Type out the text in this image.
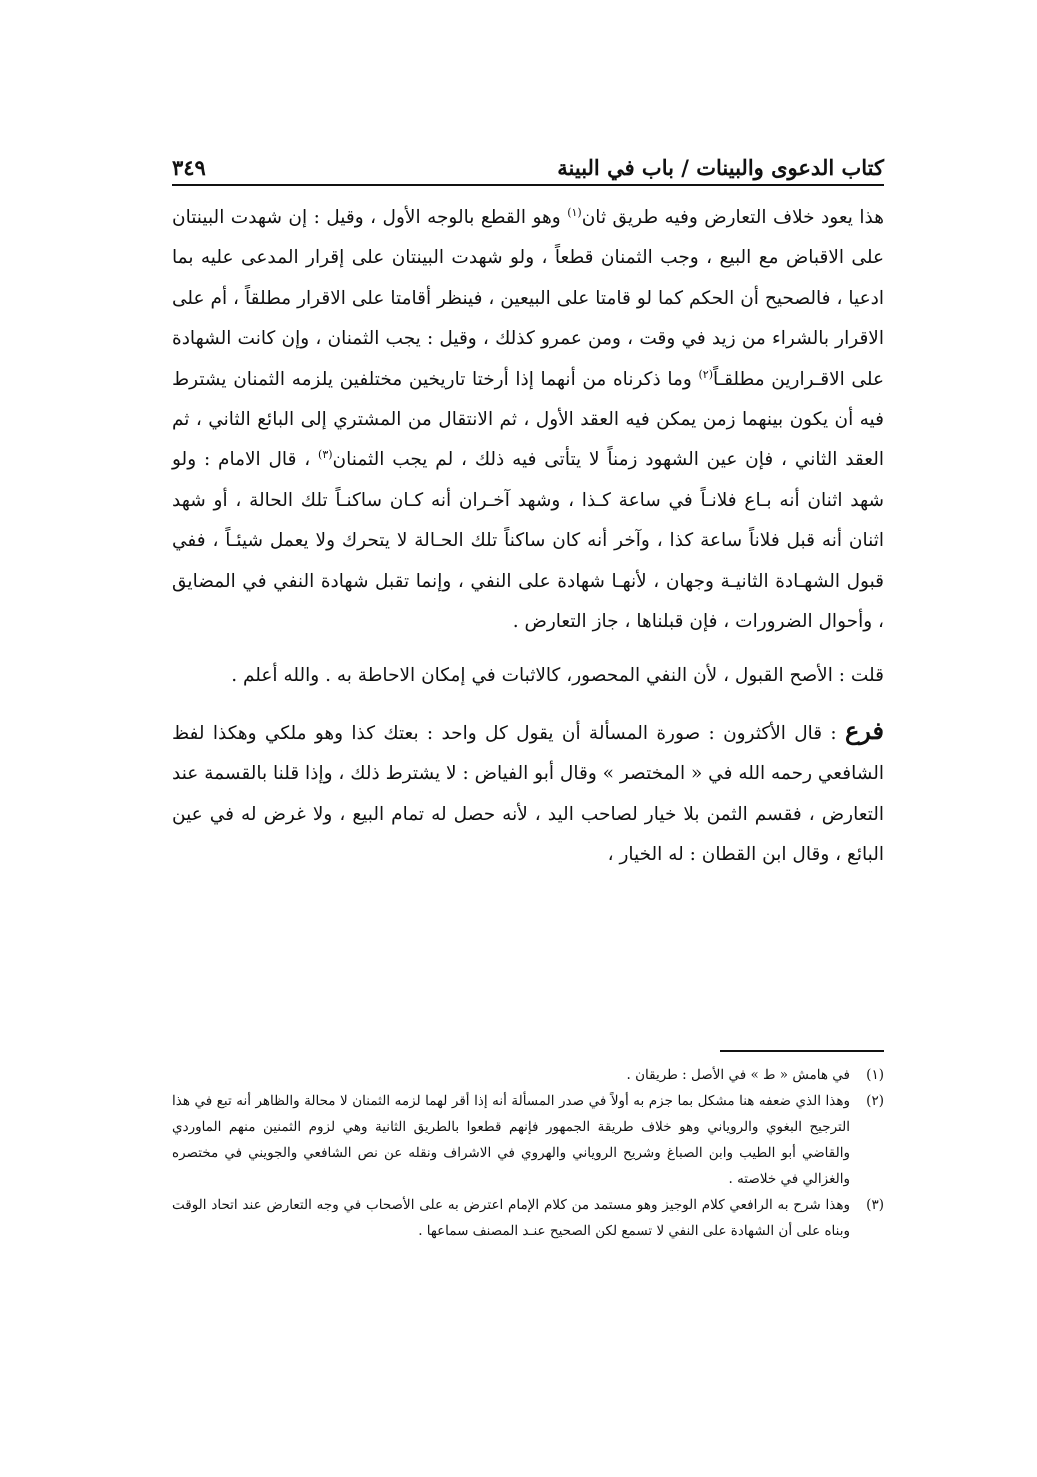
كتاب الدعوى والبينات / باب في البينة
٣٤٩

هذا يعود خلاف التعارض وفيه طريق ثان$^{(١)}$ وهو القطع بالوجه الأول ، وقيل : إن شهدت البينتان على الاقباض مع البيع ، وجب الثمنان قطعاً ، ولو شهدت البينتان على إقرار المدعى عليه بما ادعيا ، فالصحيح أن الحكم كما لو قامتا على البيعين ، فينظر أقامتا على الاقرار مطلقاً ، أم على الاقرار بالشراء من زيد في وقت ، ومن عمرو كذلك ، وقيل : يجب الثمنان ، وإن كانت الشهادة على الاقـرارين مطلقـاً$^{(٢)}$ وما ذكرناه من أنهما إذا أرختا تاريخين مختلفين يلزمه الثمنان يشترط فيه أن يكون بينهما زمن يمكن فيه العقد الأول ، ثم الانتقال من المشتري إلى البائع الثاني ، ثم العقد الثاني ، فإن عين الشهود زمناً لا يتأتى فيه ذلك ، لم يجب الثمنان$^{(٣)}$ ، قال الامام : ولو شهد اثنان أنه بـاع فلانـاً في ساعة كـذا ، وشهد آخـران أنه كـان ساكنـاً تلك الحالة ، أو شهد اثنان أنه قبل فلاناً ساعة كذا ، وآخر أنه كان ساكناً تلك الحـالة لا يتحرك ولا يعمل شيئـاً ، ففي قبول الشهـادة الثانيـة وجهان ، لأنهـا شهادة على النفي ، وإنما تقبل شهادة النفي في المضايق ، وأحوال الضرورات ، فإن قبلناها ، جاز التعارض .

قلت : الأصح القبول ، لأن النفي المحصور، كالاثبات في إمكان الاحاطة به . والله أعلم .

فرع : قال الأكثرون : صورة المسألة أن يقول كل واحد : بعتك كذا وهو ملكي وهكذا لفظ الشافعي رحمه الله في « المختصر » وقال أبو الفياض : لا يشترط ذلك ، وإذا قلنا بالقسمة عند التعارض ، فقسم الثمن بلا خيار لصاحب اليد ، لأنه حصل له تمام البيع ، ولا غرض له في عين البائع ، وقال ابن القطان : له الخيار ،

(١)
في هامش « ط » في الأصل : طريقان .
(٢)
وهذا الذي ضعفه هنا مشكل بما جزم به أولاً في صدر المسألة أنه إذا أقر لهما لزمه الثمنان لا محالة والظاهر أنه تبع في هذا الترجيح البغوي والروياني وهو خلاف طريقة الجمهور فإنهم قطعوا بالطريق الثانية وهي لزوم الثمنين منهم الماوردي والقاضي أبو الطيب وابن الصباغ وشريح الروياني والهروي في الاشراف ونقله عن نص الشافعي والجويني في مختصره والغزالي في خلاصته .
(٣)
وهذا شرح به الرافعي كلام الوجيز وهو مستمد من كلام الإمام اعترض به على الأصحاب في وجه التعارض عند اتحاد الوقت وبناه على أن الشهادة على النفي لا تسمع لكن الصحيح عنـد المصنف سماعها .
